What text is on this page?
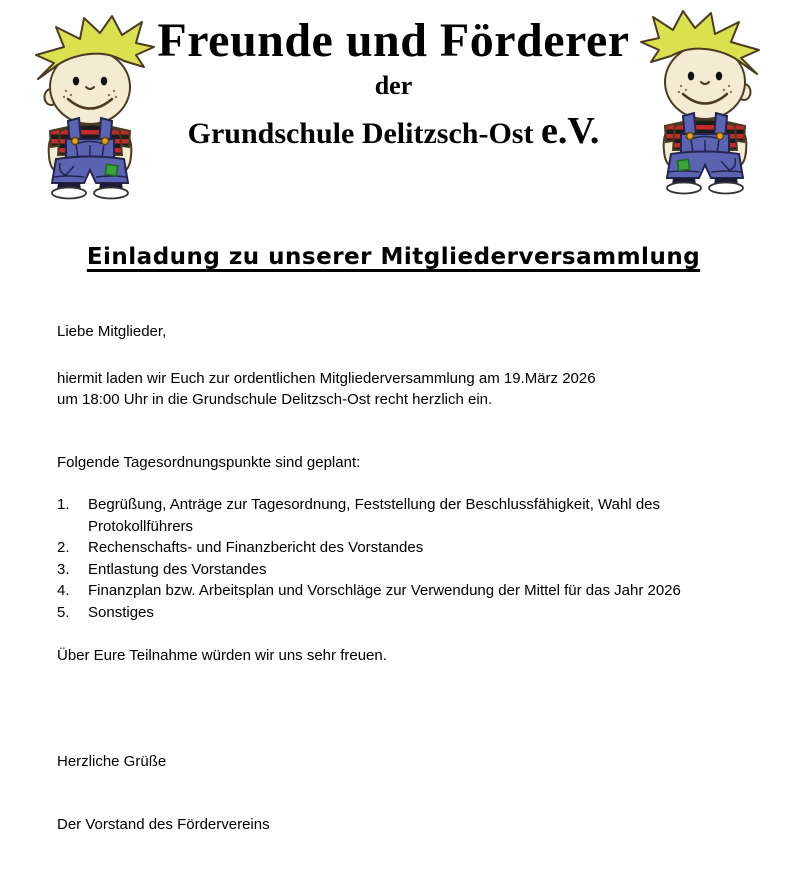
Freunde und Förderer
der
Grundschule Delitzsch-Ost e.V.
Einladung zu unserer Mitgliederversammlung
Liebe Mitglieder,
hiermit laden wir Euch zur ordentlichen Mitgliederversammlung am 19.März 2026
um 18:00 Uhr in die Grundschule Delitzsch-Ost recht herzlich ein.
Folgende Tagesordnungspunkte sind geplant:
1. Begrüßung, Anträge zur Tagesordnung, Feststellung der Beschlussfähigkeit, Wahl des Protokollführers
2. Rechenschafts- und Finanzbericht des Vorstandes
3. Entlastung des Vorstandes
4. Finanzplan bzw. Arbeitsplan und Vorschläge zur Verwendung der Mittel für das Jahr 2026
5. Sonstiges
Über Eure Teilnahme würden wir uns sehr freuen.
Herzliche Grüße
Der Vorstand des Fördervereins
